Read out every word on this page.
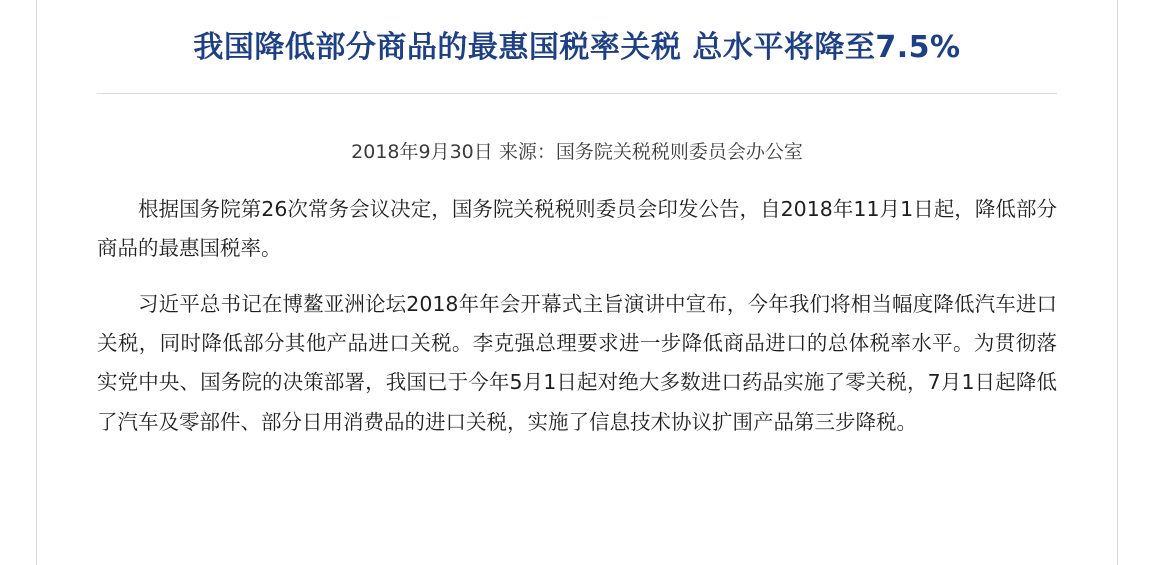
我国降低部分商品的最惠国税率关税 总水平将降至7.5%

2018年9月30日 来源：国务院关税税则委员会办公室

根据国务院第26次常务会议决定，国务院关税税则委员会印发公告，自2018年11月1日起，降低部分商品的最惠国税率。

习近平总书记在博鳌亚洲论坛2018年年会开幕式主旨演讲中宣布，今年我们将相当幅度降低汽车进口关税，同时降低部分其他产品进口关税。李克强总理要求进一步降低商品进口的总体税率水平。为贯彻落实党中央、国务院的决策部署，我国已于今年5月1日起对绝大多数进口药品实施了零关税，7月1日起降低了汽车及零部件、部分日用消费品的进口关税，实施了信息技术协议扩围产品第三步降税。
